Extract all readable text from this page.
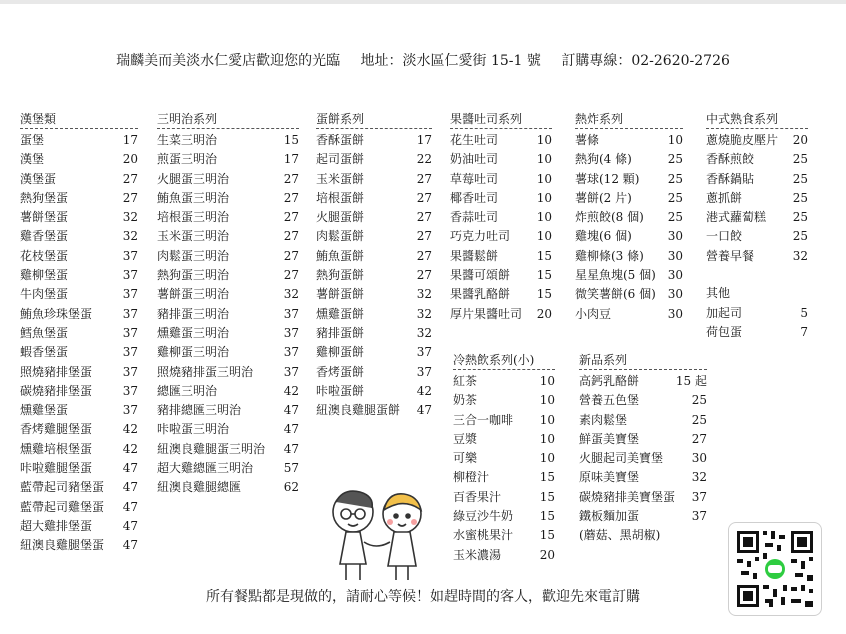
瑞麟美而美淡水仁愛店歡迎您的光臨 地址：淡水區仁愛街 15-1 號 訂購專線：02-2620-2726
漢堡類
蛋堡	17
漢堡	20
漢堡蛋	27
熱狗堡蛋	27
薯餅堡蛋	32
雞香堡蛋	32
花枝堡蛋	37
雞柳堡蛋	37
牛肉堡蛋	37
鮪魚珍珠堡蛋	37
鱈魚堡蛋	37
蝦香堡蛋	37
照燒豬排堡蛋	37
碳燒豬排堡蛋	37
燻雞堡蛋	37
香烤雞腿堡蛋	42
燻雞培根堡蛋	42
咔啦雞腿堡蛋	47
藍帶起司豬堡蛋 47
藍帶起司雞堡蛋 47
超大雞排堡蛋	47
紐澳良雞腿堡蛋 47
三明治系列
生菜三明治	15
煎蛋三明治	17
火腿蛋三明治	27
鮪魚蛋三明治	27
培根蛋三明治	27
玉米蛋三明治	27
肉鬆蛋三明治	27
熱狗蛋三明治	27
薯餅蛋三明治	32
豬排蛋三明治	37
燻雞蛋三明治	37
雞柳蛋三明治	37
照燒豬排蛋三明治	37
總匯三明治	42
豬排總匯三明治	47
咔啦蛋三明治	47
紐澳良雞腿蛋三明治 47
超大雞總匯三明治	57
紐澳良雞腿總匯	62
蛋餅系列
香酥蛋餅	17
起司蛋餅	22
玉米蛋餅	27
培根蛋餅	27
火腿蛋餅	27
肉鬆蛋餅	27
鮪魚蛋餅	27
熱狗蛋餅	27
薯餅蛋餅	32
燻雞蛋餅	32
豬排蛋餅	32
雞柳蛋餅	37
香烤蛋餅	37
咔啦蛋餅	42
紐澳良雞腿蛋餅 47
果醬吐司系列
花生吐司	10
奶油吐司	10
草莓吐司	10
椰香吐司	10
香蒜吐司	10
巧克力吐司 10
果醬鬆餅	15
果醬可頌餅 15
果醬乳酪餅 15
厚片果醬吐司 20
熱炸系列
薯條	10
熱狗(4 條)	25
薯球(12 顆) 25
薯餅(2 片)	25
炸煎餃(8 個) 25
雞塊(6 個)	30
雞柳條(3 條) 30
星星魚塊(5 個) 30
微笑薯餅(6 個) 30
小肉豆	30
中式熟食系列
蔥燒脆皮壓片 20
香酥煎餃	25
香酥鍋貼	25
蔥抓餅	25
港式蘿蔔糕 25
一口餃	25
營養早餐	32
其他
加起司	5
荷包蛋	7
冷熱飲系列(小)
紅茶	10
奶茶	10
三合一咖啡 10
豆漿	10
可樂	10
柳橙汁	15
百香果汁	15
綠豆沙牛奶 15
水蜜桃果汁 15
玉米濃湯	20
新品系列
高鈣乳酪餅	15 起
營養五色堡	25
素肉鬆堡	25
鮮蛋美寶堡	27
火腿起司美寶堡 30
原味美寶堡	32
碳燒豬排美寶堡蛋 37
鐵板麵加蛋	37
(蘑菇、黑胡椒)
所有餐點都是現做的，請耐心等候！如趕時間的客人，歡迎先來電訂購
